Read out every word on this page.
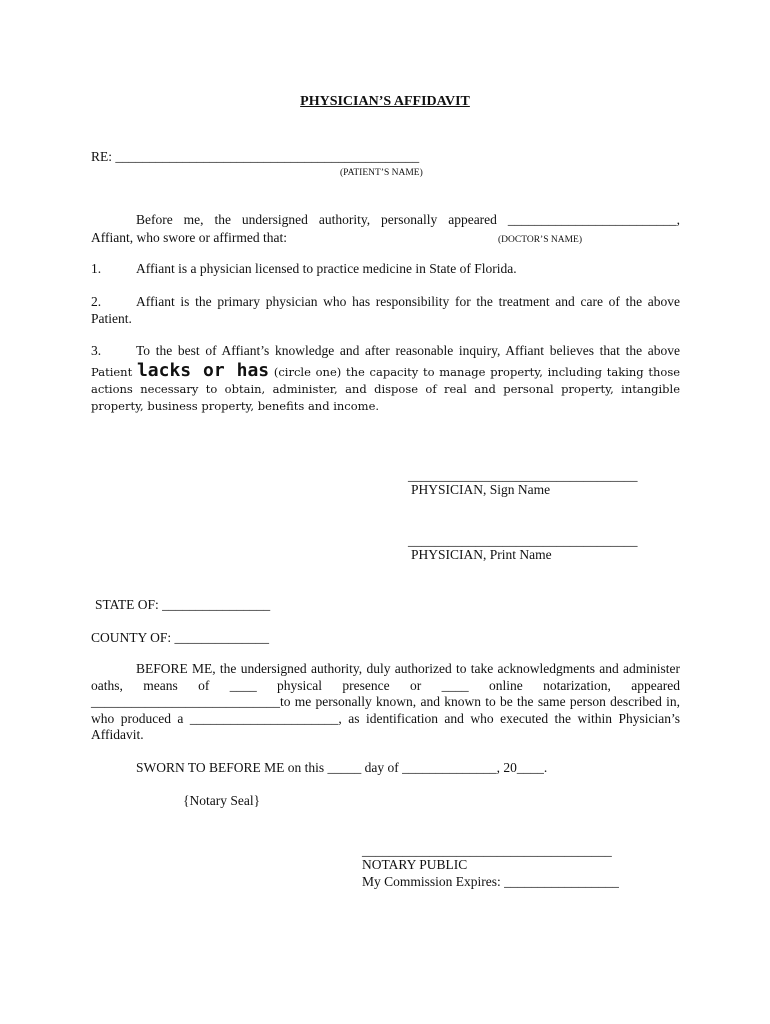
PHYSICIAN’S AFFIDAVIT
RE: _____________________________________________
(PATIENT’S NAME)

Before me, the undersigned authority, personally appeared _________________________,

Affiant, who swore or affirmed that:	(DOCTOR’S NAME)

1.	Affiant is a physician licensed to practice medicine in State of Florida.

2.	Affiant is the primary physician who has responsibility for the treatment and care of the above Patient.

3.	To the best of Affiant’s knowledge and after reasonable inquiry, Affiant believes that the above

Patient lacks or has (circle one) the capacity to manage property, including taking those actions necessary to obtain, administer, and dispose of real and personal property, intangible property, business property, benefits and income.

__________________________________
PHYSICIAN, Sign Name
__________________________________
PHYSICIAN, Print Name
STATE OF: ________________
COUNTY OF: ______________

BEFORE ME, the undersigned authority, duly authorized to take acknowledgments and administer

oaths, means of ____ physical presence or ____ online notarization, appeared ____________________________to me personally known, and known to be the same person described in, who produced a ______________________, as identification and who executed the within Physician’s Affidavit.

SWORN TO BEFORE ME on this _____ day of ______________, 20____.
{Notary Seal}
_____________________________________
NOTARY PUBLIC
My Commission Expires: _________________
